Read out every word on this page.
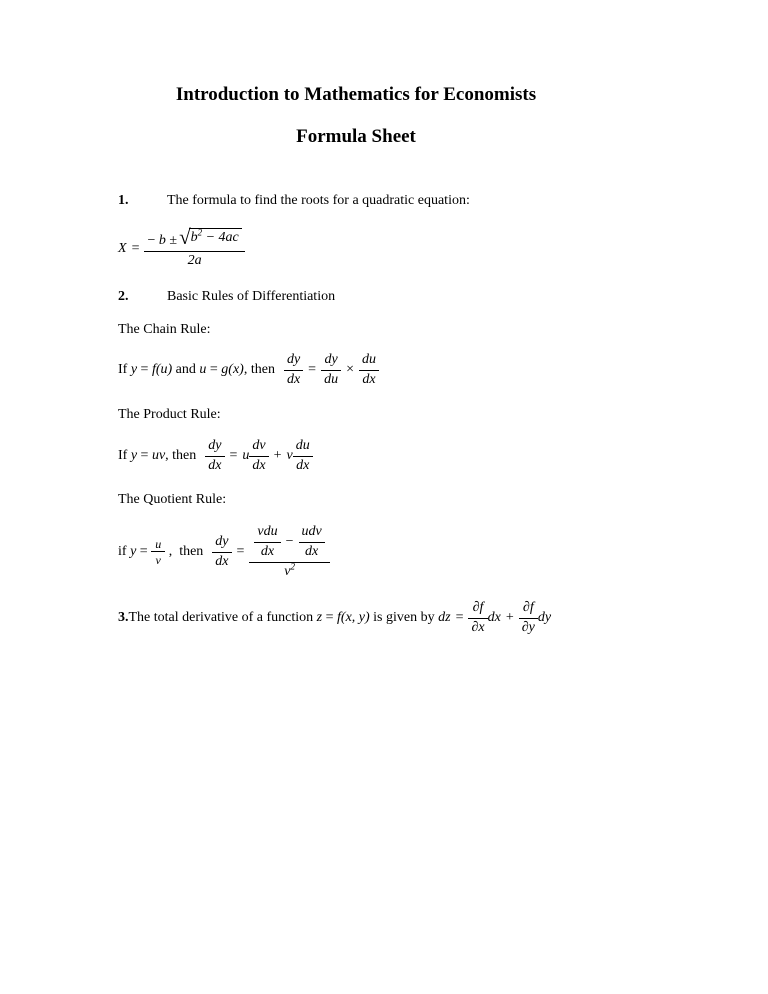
Introduction to Mathematics for Economists
Formula Sheet
1.	The formula to find the roots for a quadratic equation:
$X = \frac{- b \pm √ b^2 - 4ac}{2a}$
2.	Basic Rules of Differentiation
The Chain Rule:
If y = f(u) and u = g(x) , then $\frac{dy}{dx} = \frac{dy}{du} \times \frac{du}{dx}$
The Product Rule:
If y = uv , then $\frac{dy}{dx} = u \frac{dv}{dx} + v \frac{du}{dx}$
The Quotient Rule:
if $y = \frac{u}{v}$ , then $\frac{dy}{dx}$ =
vdu
dx
−
udv
dx
$v^2$
3. The total derivative of a function z = f(x, y) is given by dz = $\frac{\partial f}{\partial x}$ dx + $\frac{\partial f}{\partial y}$ dy
